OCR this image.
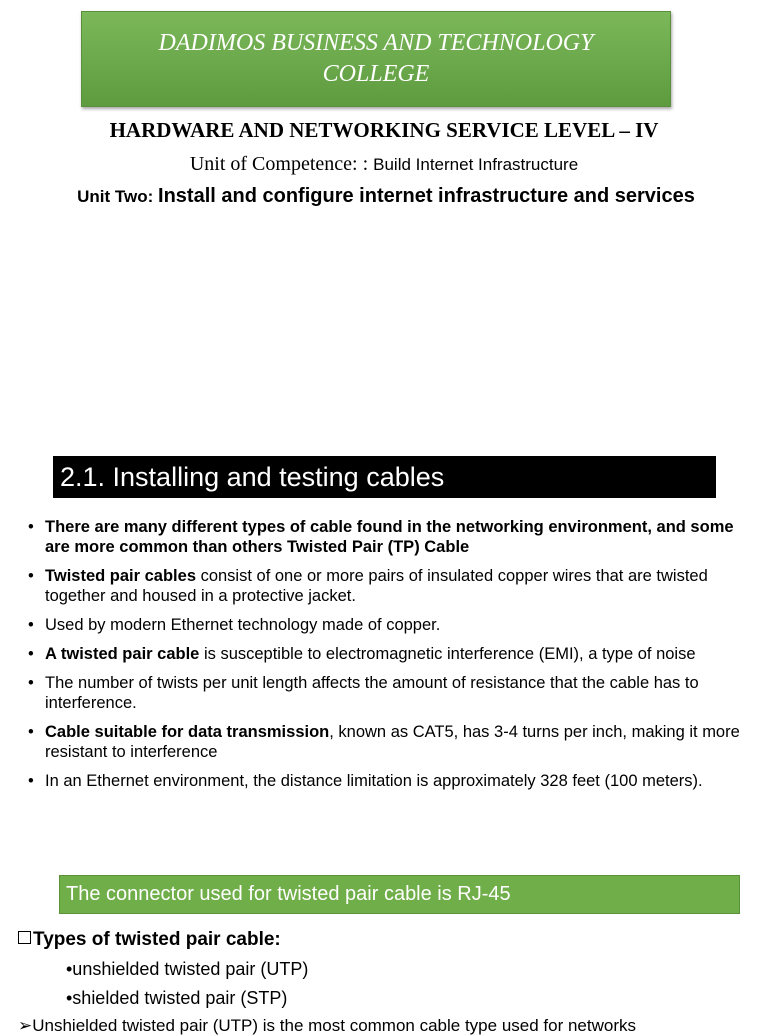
DADIMOS BUSINESS AND TECHNOLOGY COLLEGE
HARDWARE AND NETWORKING SERVICE LEVEL – IV
Unit of Competence: : Build Internet Infrastructure
Unit Two: Install and configure internet infrastructure and services
2.1. Installing and testing cables
• There are many different types of cable found in the networking environment, and some are more common than others Twisted Pair (TP) Cable
• Twisted pair cables consist of one or more pairs of insulated copper wires that are twisted together and housed in a protective jacket.
• Used by modern Ethernet technology made of copper.
• A twisted pair cable is susceptible to electromagnetic interference (EMI), a type of noise
• The number of twists per unit length affects the amount of resistance that the cable has to interference.
• Cable suitable for data transmission, known as CAT5, has 3-4 turns per inch, making it more resistant to interference
• In an Ethernet environment, the distance limitation is approximately 328 feet (100 meters).
The connector used for twisted pair cable is RJ-45
Types of twisted pair cable:
•unshielded twisted pair (UTP)
•shielded twisted pair (STP)
➢Unshielded twisted pair (UTP) is the most common cable type used for networks
